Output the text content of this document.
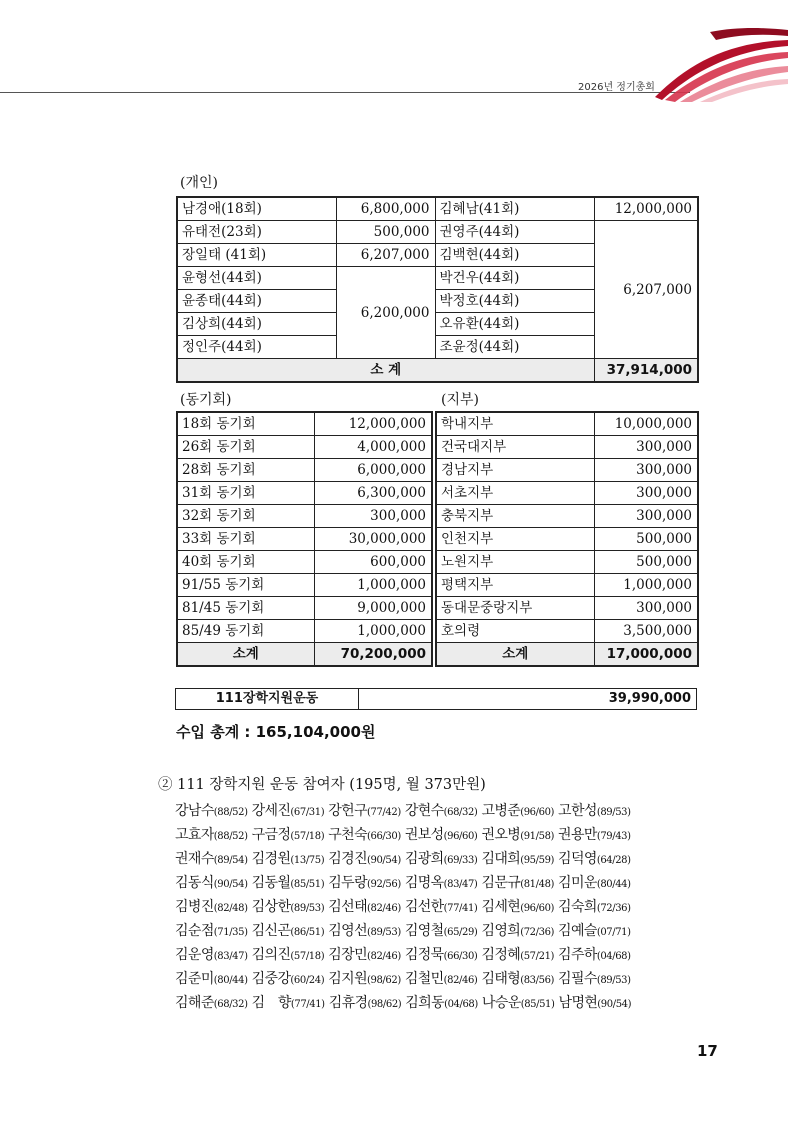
2026년 정기총회
(개인)
남경애(18회)	6,800,000	김혜남(41회)	12,000,000
유태전(23회)	500,000	권영주(44회)	6,207,000
장일태 (41회)	6,207,000	김백현(44회)	
윤형선(44회)	6,200,000	박건우(44회)	
윤종태(44회)		박정호(44회)	
김상희(44회)		오유환(44회)	
정인주(44회)		조윤정(44회)	
소 계			37,914,000
(동기회)
18회 동기회	12,000,000
26회 동기회	4,000,000
28회 동기회	6,000,000
31회 동기회	6,300,000
32회 동기회	300,000
33회 동기회	30,000,000
40회 동기회	600,000
91/55 동기회	1,000,000
81/45 동기회	9,000,000
85/49 동기회	1,000,000
소계	70,200,000
(지부)
학내지부	10,000,000
건국대지부	300,000
경남지부	300,000
서초지부	300,000
충북지부	300,000
인천지부	500,000
노원지부	500,000
평택지부	1,000,000
동대문중랑지부	300,000
호의령	3,500,000
소계	17,000,000
111장학지원운동	39,990,000
수입 총계 : 165,104,000원
② 111 장학지원 운동 참여자 (195명, 월 373만원)
강남수(88/52) 강세진(67/31) 강헌구(77/42) 강현수(68/32) 고병준(96/60) 고한성(89/53)
고효자(88/52) 구금정(57/18) 구천숙(66/30) 권보성(96/60) 권오병(91/58) 권용만(79/43)
권재수(89/54) 김경원(13/75) 김경진(90/54) 김광희(69/33) 김대희(95/59) 김덕영(64/28)
김동식(90/54) 김동월(85/51) 김두랑(92/56) 김명옥(83/47) 김문규(81/48) 김미운(80/44)
김병진(82/48) 김상한(89/53) 김선태(82/46) 김선한(77/41) 김세현(96/60) 김숙희(72/36)
김순점(71/35) 김신곤(86/51) 김영선(89/53) 김영철(65/29) 김영희(72/36) 김예슬(07/71)
김운영(83/47) 김의진(57/18) 김장민(82/46) 김정묵(66/30) 김정혜(57/21) 김주하(04/68)
김준미(80/44) 김중강(60/24) 김지원(98/62) 김철민(82/46) 김태형(83/56) 김필수(89/53)
김해준(68/32) 김　향(77/41) 김휴경(98/62) 김희동(04/68) 나승운(85/51) 남명현(90/54)
17
